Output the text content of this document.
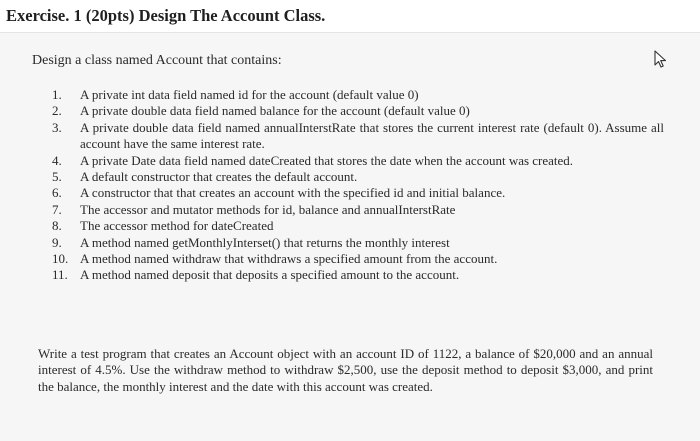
Exercise. 1 (20pts) Design The Account Class.
Design a class named Account that contains:
1.	A private int data field named id for the account (default value 0)
2.	A private double data field named balance for the account (default value 0)
3.	A private double data field named annualInterstRate that stores the current interest rate (default 0). Assume all account have the same interest rate.
4.	A private Date data field named dateCreated that stores the date when the account was created.
5.	A default constructor that creates the default account.
6.	A constructor that that creates an account with the specified id and initial balance.
7.	The accessor and mutator methods for id, balance and annualInterstRate
8.	The accessor method for dateCreated
9.	A method named getMonthlyInterset() that returns the monthly interest
10. A method named withdraw that withdraws a specified amount from the account.
11. A method named deposit that deposits a specified amount to the account.

Write a test program that creates an Account object with an account ID of 1122, a balance of $20,000 and an annual interest of 4.5%. Use the withdraw method to withdraw $2,500, use the deposit method to deposit $3,000, and print the balance, the monthly interest and the date with this account was created.
